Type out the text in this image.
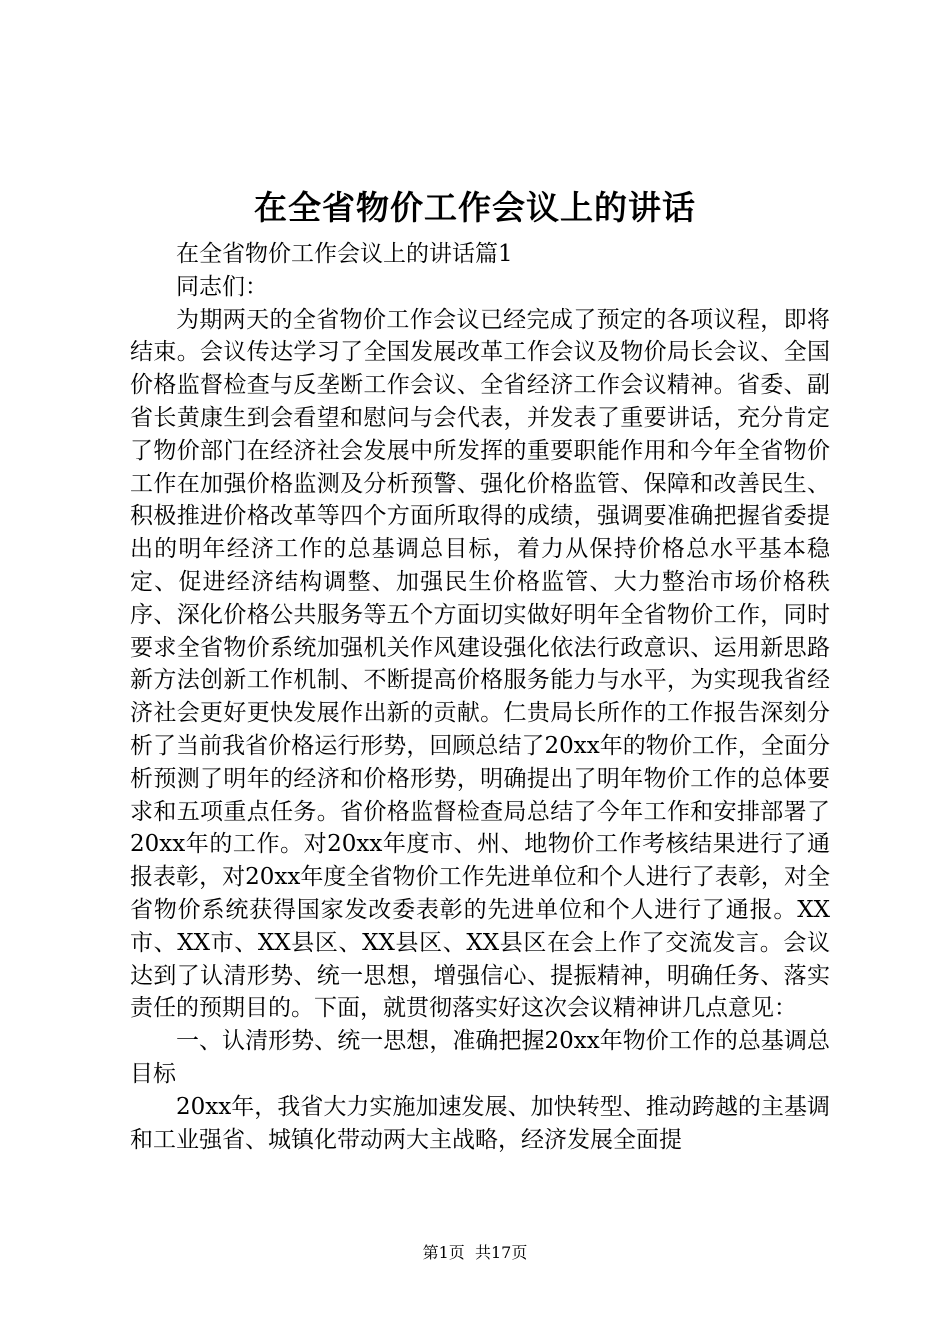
在全省物价工作会议上的讲话

在全省物价工作会议上的讲话篇1

同志们：

为期两天的全省物价工作会议已经完成了预定的各项议程，即将结束。会议传达学习了全国发展改革工作会议及物价局长会议、全国价格监督检查与反垄断工作会议、全省经济工作会议精神。省委、副省长黄康生到会看望和慰问与会代表，并发表了重要讲话，充分肯定了物价部门在经济社会发展中所发挥的重要职能作用和今年全省物价工作在加强价格监测及分析预警、强化价格监管、保障和改善民生、积极推进价格改革等四个方面所取得的成绩，强调要准确把握省委提出的明年经济工作的总基调总目标，着力从保持价格总水平基本稳定、促进经济结构调整、加强民生价格监管、大力整治市场价格秩序、深化价格公共服务等五个方面切实做好明年全省物价工作，同时要求全省物价系统加强机关作风建设强化依法行政意识、运用新思路新方法创新工作机制、不断提高价格服务能力与水平，为实现我省经济社会更好更快发展作出新的贡献。仁贵局长所作的工作报告深刻分析了当前我省价格运行形势，回顾总结了20xx年的物价工作，全面分析预测了明年的经济和价格形势，明确提出了明年物价工作的总体要求和五项重点任务。省价格监督检查局总结了今年工作和安排部署了20xx年的工作。对20xx年度市、州、地物价工作考核结果进行了通报表彰，对20xx年度全省物价工作先进单位和个人进行了表彰，对全省物价系统获得国家发改委表彰的先进单位和个人进行了通报。XX市、XX市、XX县区、XX县区、XX县区在会上作了交流发言。会议达到了认清形势、统一思想，增强信心、提振精神，明确任务、落实责任的预期目的。下面，就贯彻落实好这次会议精神讲几点意见：

一、认清形势、统一思想，准确把握20xx年物价工作的总基调总目标

20xx年，我省大力实施加速发展、加快转型、推动跨越的主基调和工业强省、城镇化带动两大主战略，经济发展全面提

第1页 共17页
